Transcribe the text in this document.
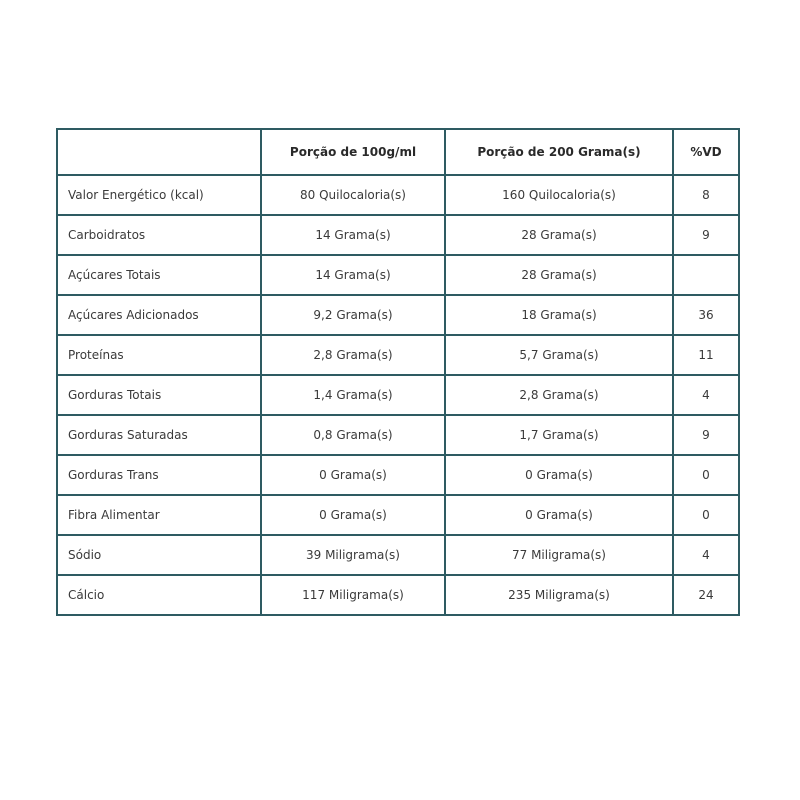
	Porção de 100g/ml	Porção de 200 Grama(s)	%VD
Valor Energético (kcal)	80 Quilocaloria(s)	160 Quilocaloria(s)	8
Carboidratos	14 Grama(s)	28 Grama(s)	9
Açúcares Totais	14 Grama(s)	28 Grama(s)	
Açúcares Adicionados	9,2 Grama(s)	18 Grama(s)	36
Proteínas	2,8 Grama(s)	5,7 Grama(s)	11
Gorduras Totais	1,4 Grama(s)	2,8 Grama(s)	4
Gorduras Saturadas	0,8 Grama(s)	1,7 Grama(s)	9
Gorduras Trans	0 Grama(s)	0 Grama(s)	0
Fibra Alimentar	0 Grama(s)	0 Grama(s)	0
Sódio	39 Miligrama(s)	77 Miligrama(s)	4
Cálcio	117 Miligrama(s)	235 Miligrama(s)	24
